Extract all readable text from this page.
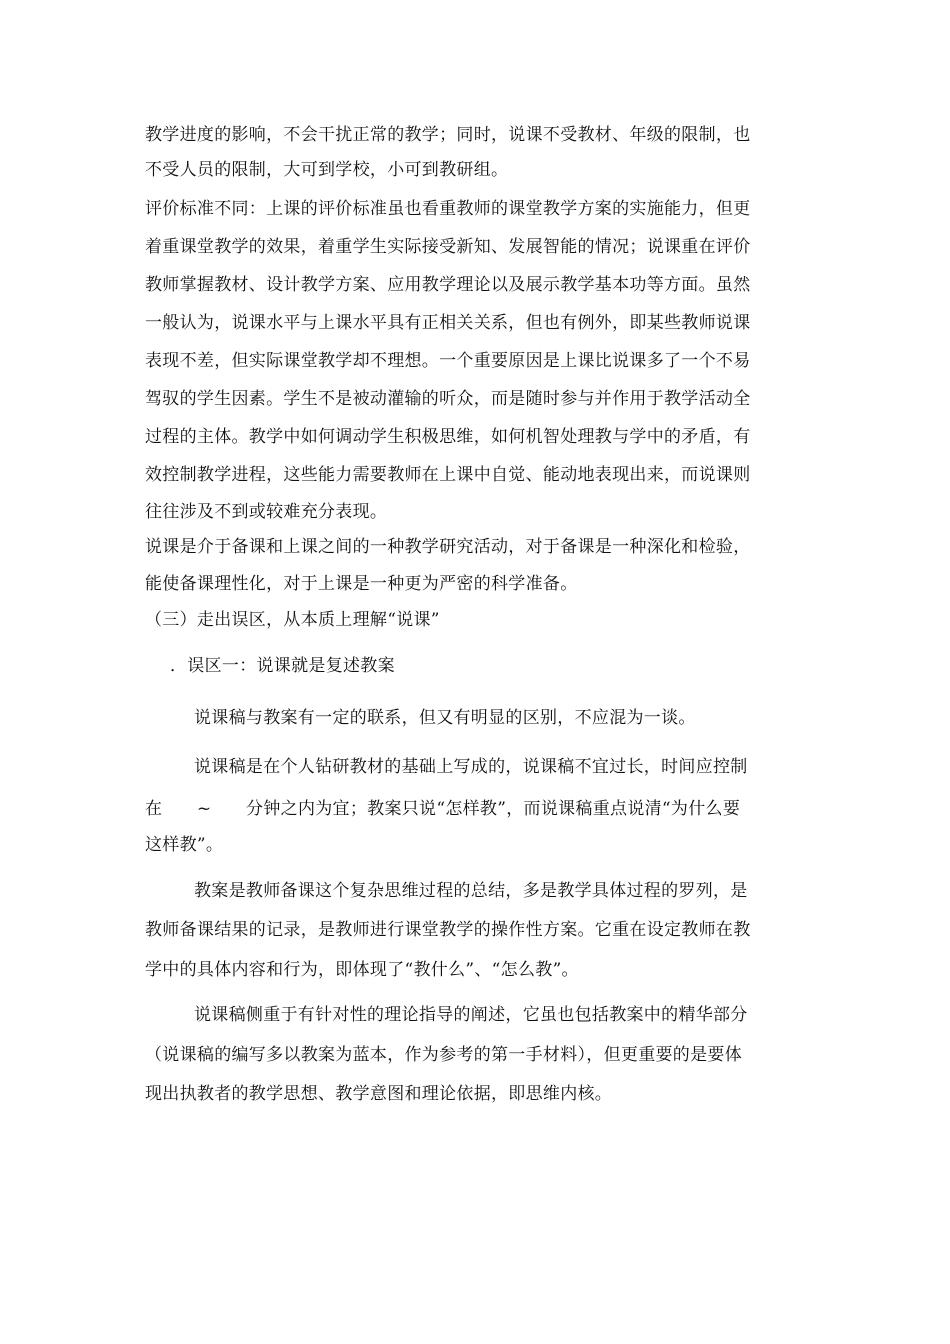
教学进度的影响，不会干扰正常的教学；同时，说课不受教材、年级的限制，也
不受人员的限制，大可到学校，小可到教研组。
评价标准不同：上课的评价标准虽也看重教师的课堂教学方案的实施能力，但更
着重课堂教学的效果，着重学生实际接受新知、发展智能的情况；说课重在评价
教师掌握教材、设计教学方案、应用教学理论以及展示教学基本功等方面。虽然
一般认为，说课水平与上课水平具有正相关关系，但也有例外，即某些教师说课
表现不差，但实际课堂教学却不理想。一个重要原因是上课比说课多了一个不易
驾驭的学生因素。学生不是被动灌输的听众，而是随时参与并作用于教学活动全
过程的主体。教学中如何调动学生积极思维，如何机智处理教与学中的矛盾，有
效控制教学进程，这些能力需要教师在上课中自觉、能动地表现出来，而说课则
往往涉及不到或较难充分表现。
说课是介于备课和上课之间的一种教学研究活动，对于备课是一种深化和检验，
能使备课理性化，对于上课是一种更为严密的科学准备。
（三）走出误区，从本质上理解“说课”
．误区一：说课就是复述教案
说课稿与教案有一定的联系，但又有明显的区别，不应混为一谈。
说课稿是在个人钻研教材的基础上写成的，说课稿不宜过长，时间应控制
在　　~　　分钟之内为宜；教案只说“怎样教”，而说课稿重点说清“为什么要
这样教”。
教案是教师备课这个复杂思维过程的总结，多是教学具体过程的罗列，是
教师备课结果的记录，是教师进行课堂教学的操作性方案。它重在设定教师在教
学中的具体内容和行为，即体现了“教什么”、“怎么教”。
说课稿侧重于有针对性的理论指导的阐述，它虽也包括教案中的精华部分
（说课稿的编写多以教案为蓝本，作为参考的第一手材料），但更重要的是要体
现出执教者的教学思想、教学意图和理论依据，即思维内核。
